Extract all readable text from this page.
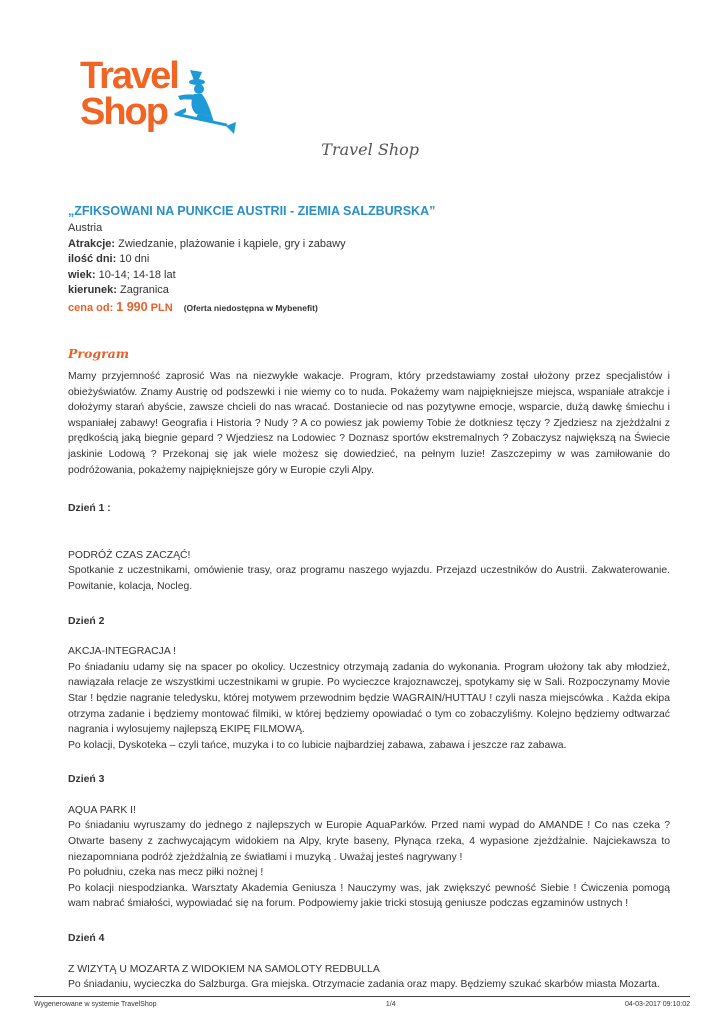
Travel
Shop
Travel Shop
„ZFIKSOWANI NA PUNKCIE AUSTRII - ZIEMIA SALZBURSKA”

Austria

Atrakcje: Zwiedzanie, plażowanie i kąpiele, gry i zabawy

ilość dni: 10 dni

wiek: 10-14; 14-18 lat

kierunek: Zagranica

cena od: 1 990 PLN (Oferta niedostępna w Mybenefit)

Program

Mamy przyjemność zaprosić Was na niezwykłe wakacje. Program, który przedstawiamy został ułożony przez specjalistów i obieżyświatów. Znamy Austrię od podszewki i nie wiemy co to nuda. Pokażemy wam najpiękniejsze miejsca, wspaniałe atrakcje i dołożymy starań abyście, zawsze chcieli do nas wracać. Dostaniecie od nas pozytywne emocje, wsparcie, dużą dawkę śmiechu i wspaniałej zabawy! Geografia i Historia ? Nudy ? A co powiesz jak powiemy Tobie że dotkniesz tęczy ? Zjedziesz na zjeżdżalni z prędkością jaką biegnie gepard ? Wjedziesz na Lodowiec ? Doznasz sportów ekstremalnych ? Zobaczysz największą na Świecie jaskinie Lodową ? Przekonaj się jak wiele możesz się dowiedzieć, na pełnym luzie! Zaszczepimy w was zamiłowanie do podróżowania, pokażemy najpiękniejsze góry w Europie czyli Alpy.

Dzień 1 :

PODRÓŻ CZAS ZACZĄĆ!

Spotkanie z uczestnikami, omówienie trasy, oraz programu naszego wyjazdu. Przejazd uczestników do Austrii. Zakwaterowanie. Powitanie, kolacja, Nocleg.

Dzień 2

AKCJA-INTEGRACJA !

Po śniadaniu udamy się na spacer po okolicy. Uczestnicy otrzymają zadania do wykonania. Program ułożony tak aby młodzież, nawiązała relacje ze wszystkimi uczestnikami w grupie. Po wycieczce krajoznawczej, spotykamy się w Sali. Rozpoczynamy Movie Star ! będzie nagranie teledysku, której motywem przewodnim będzie WAGRAIN/HUTTAU ! czyli nasza miejscówka . Każda ekipa otrzyma zadanie i będziemy montować filmiki, w której będziemy opowiadać o tym co zobaczyliśmy. Kolejno będziemy odtwarzać nagrania i wylosujemy najlepszą EKIPĘ FILMOWĄ.

Po kolacji, Dyskoteka – czyli tańce, muzyka i to co lubicie najbardziej zabawa, zabawa i jeszcze raz zabawa.

Dzień 3

AQUA PARK I!

Po śniadaniu wyruszamy do jednego z najlepszych w Europie AquaParków. Przed nami wypad do AMANDE ! Co nas czeka ? Otwarte baseny z zachwycającym widokiem na Alpy, kryte baseny, Płynąca rzeka, 4 wypasione zjeżdżalnie. Najciekawsza to niezapomniana podróż zjeżdżalnią ze światłami i muzyką . Uważaj jesteś nagrywany !

Po południu, czeka nas mecz piłki nożnej !

Po kolacji niespodzianka. Warsztaty Akademia Geniusza ! Nauczymy was, jak zwiększyć pewność Siebie ! Ćwiczenia pomogą wam nabrać śmiałości, wypowiadać się na forum. Podpowiemy jakie tricki stosują geniusze podczas egzaminów ustnych !

Dzień 4

Z WIZYTĄ U MOZARTA Z WIDOKIEM NA SAMOLOTY REDBULLA

Po śniadaniu, wycieczka do Salzburga. Gra miejska. Otrzymacie zadania oraz mapy. Będziemy szukać skarbów miasta Mozarta.

Wygenerowane w systemie TravelShop	1/4	04-03-2017 09:10:02
